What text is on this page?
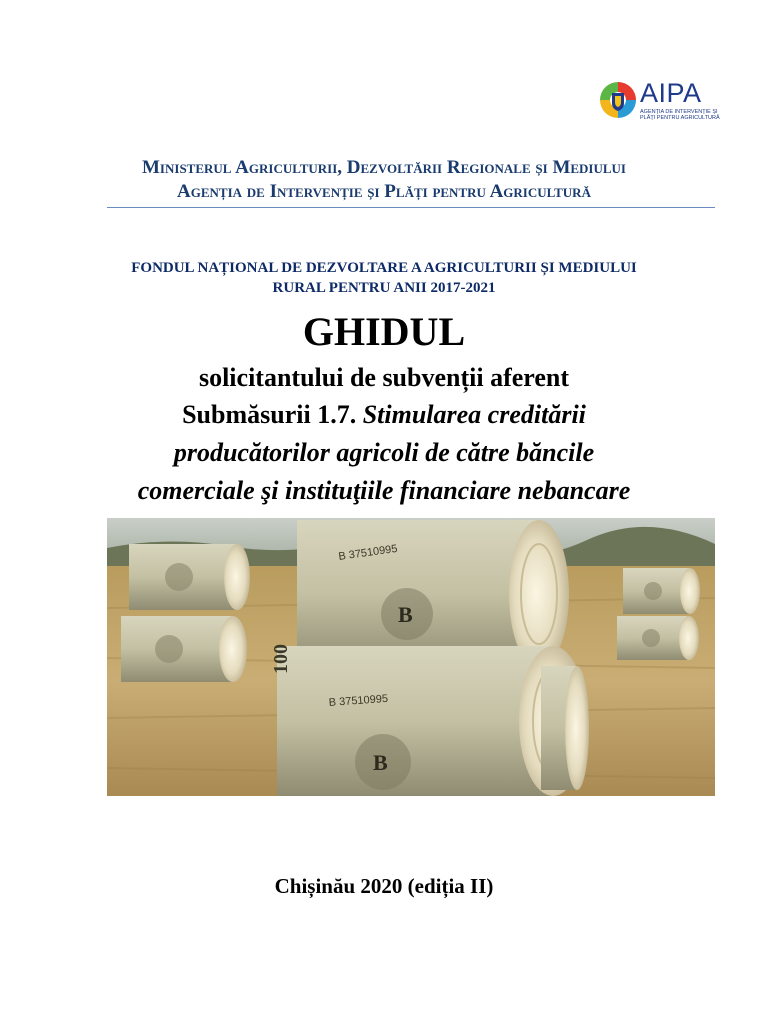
AIPA
AGENȚIA DE INTERVENȚIE ȘI
PLĂȚI PENTRU AGRICULTURĂ
Ministerul Agriculturii, Dezvoltării Regionale și Mediului
Agenția de Intervenție și Plăți pentru Agricultură
FONDUL NAȚIONAL DE DEZVOLTARE A AGRICULTURII ȘI MEDIULUI
RURAL PENTRU ANII 2017-2021
GHIDUL
solicitantului de subvenții aferent
Submăsurii 1.7. Stimularea creditării
producătorilor agricoli de către băncile
comerciale şi instituţiile financiare nebancare
B
B 37510995
B
B 37510995
100
Chișinău 2020 (ediția II)
